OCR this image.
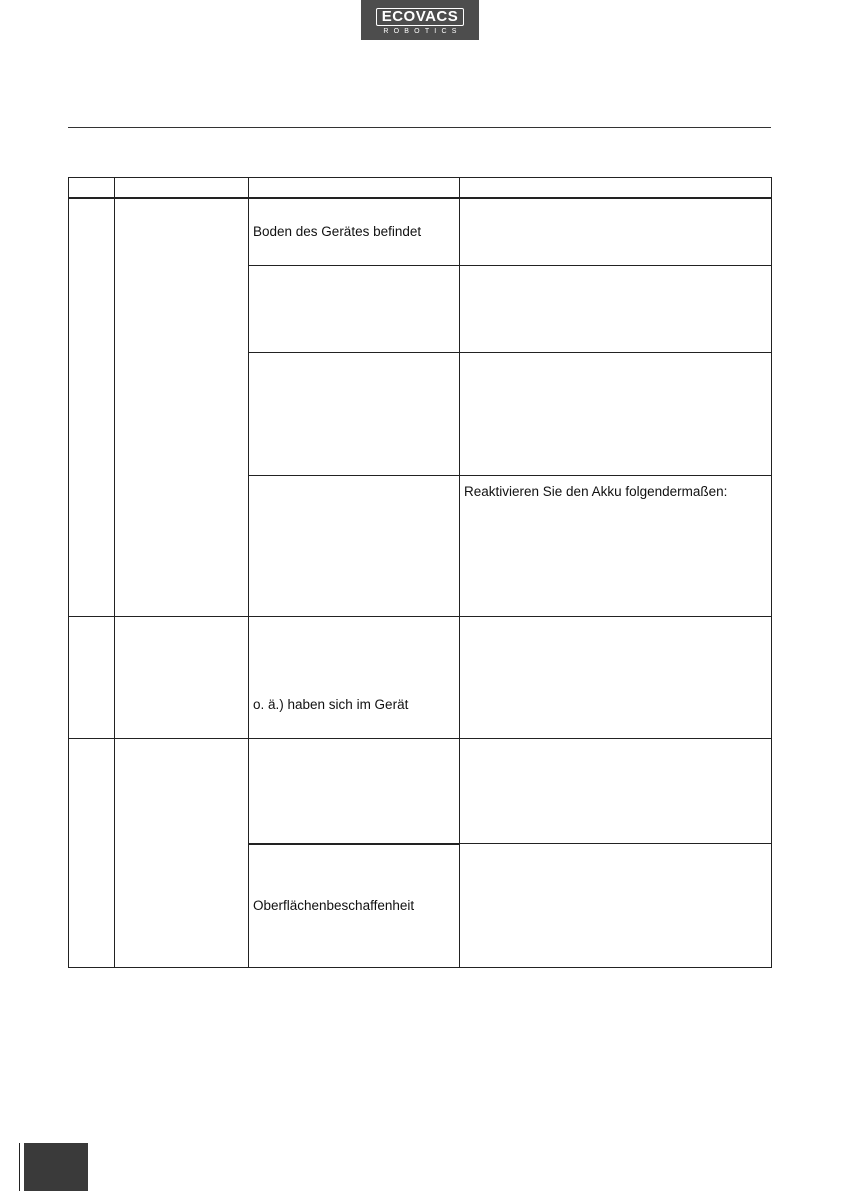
ECOVACS
ROBOTICS

		Boden des Gerätes befindet	

			Reaktivieren Sie den Akku folgendermaßen:
		o. ä.) haben sich im Gerät	

		Oberflächenbeschaffenheit	
